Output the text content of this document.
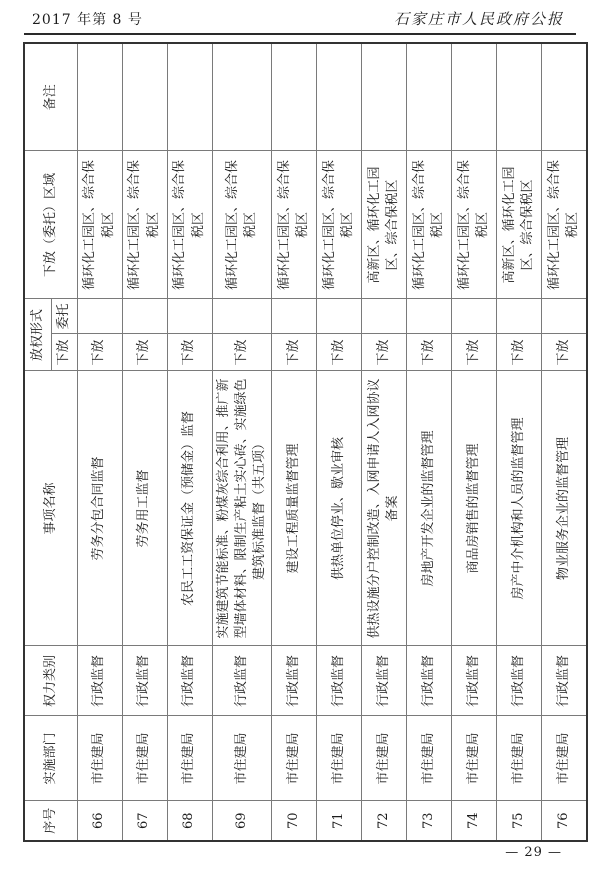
2017 年第 8 号	石家庄市人民政府公报
序号	实施部门	权力类别	事项名称	放权形式		下放（委托）区域	备注
				下放	委托		
66	市住建局	行政监督	劳务分包合同监督	下放		循环化工园区、综合保税区	
67	市住建局	行政监督	劳务用工监督	下放		循环化工园区、综合保税区	
68	市住建局	行政监督	农民工工资保证金（预储金）监督	下放		循环化工园区、综合保税区	
69	市住建局	行政监督	实施建筑节能标准、粉煤灰综合利用、推广新型墙体材料、限制生产粘土实心砖、实施绿色建筑标准监督（共五项）	下放		循环化工园区、综合保税区	
70	市住建局	行政监督	建设工程质量监督管理	下放		循环化工园区、综合保税区	
71	市住建局	行政监督	供热单位停业、歇业审核	下放		循环化工园区、综合保税区	
72	市住建局	行政监督	供热设施分户控制改造、入网申请人入网协议备案	下放		高新区、循环化工园区、综合保税区	
73	市住建局	行政监督	房地产开发企业的监督管理	下放		循环化工园区、综合保税区	
74	市住建局	行政监督	商品房销售的监督管理	下放		循环化工园区、综合保税区	
75	市住建局	行政监督	房产中介机构和人员的监督管理	下放		高新区、循环化工园区、综合保税区	
76	市住建局	行政监督	物业服务企业的监督管理	下放		循环化工园区、综合保税区	
— 29 —
